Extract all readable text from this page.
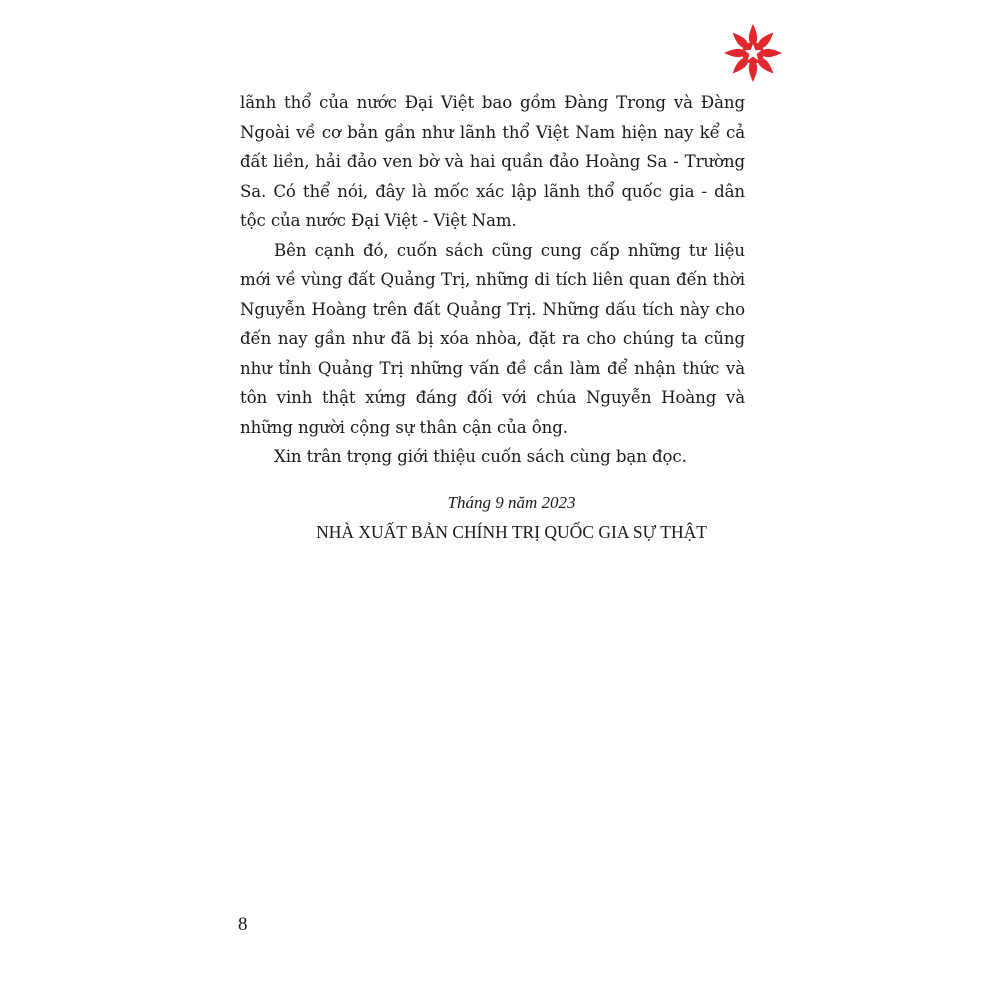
lãnh thổ của nước Đại Việt bao gồm Đàng Trong và Đàng Ngoài về cơ bản gần như lãnh thổ Việt Nam hiện nay kể cả đất liền, hải đảo ven bờ và hai quần đảo Hoàng Sa - Trường Sa. Có thể nói, đây là mốc xác lập lãnh thổ quốc gia - dân tộc của nước Đại Việt - Việt Nam.

Bên cạnh đó, cuốn sách cũng cung cấp những tư liệu mới về vùng đất Quảng Trị, những di tích liên quan đến thời Nguyễn Hoàng trên đất Quảng Trị. Những dấu tích này cho đến nay gần như đã bị xóa nhòa, đặt ra cho chúng ta cũng như tỉnh Quảng Trị những vấn đề cần làm để nhận thức và tôn vinh thật xứng đáng đối với chúa Nguyễn Hoàng và những người cộng sự thân cận của ông.

Xin trân trọng giới thiệu cuốn sách cùng bạn đọc.

Tháng 9 năm 2023
NHÀ XUẤT BẢN CHÍNH TRỊ QUỐC GIA SỰ THẬT
8
